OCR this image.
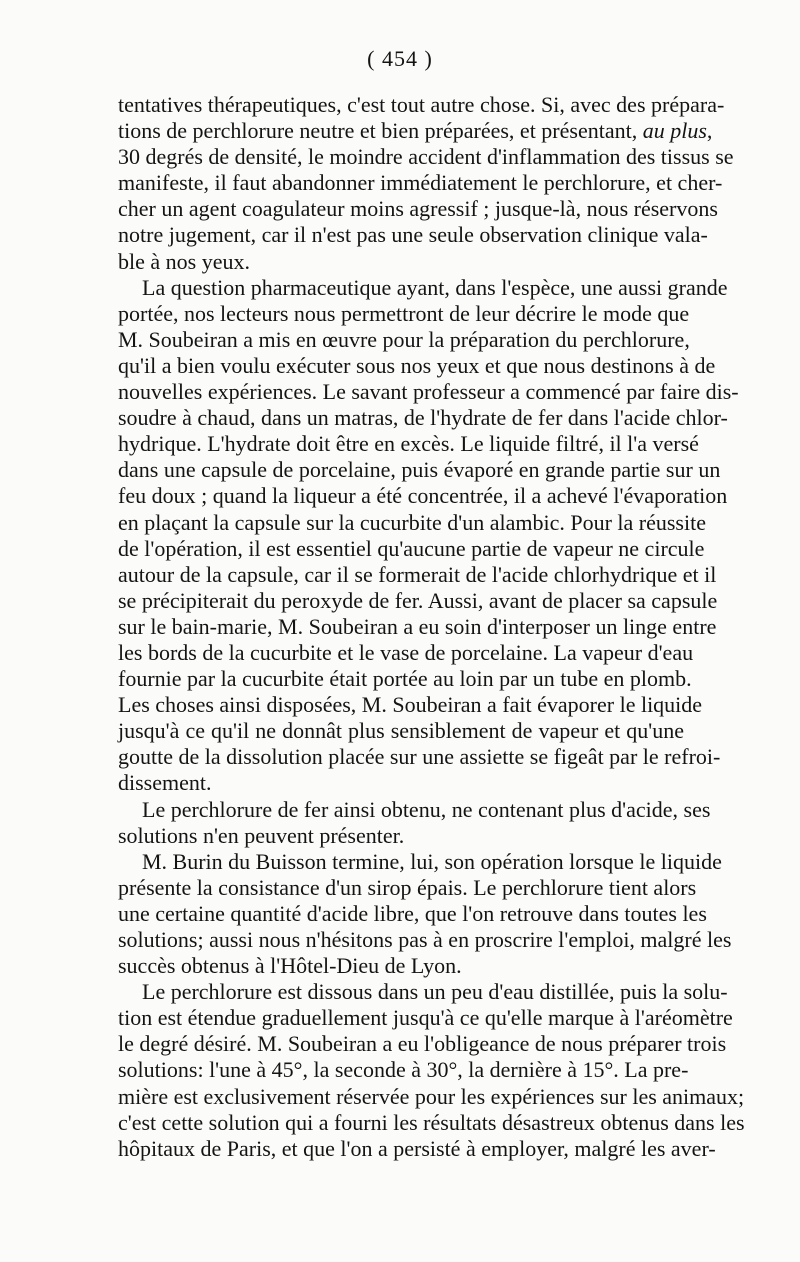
( 454 )
tentatives thérapeutiques, c'est tout autre chose. Si, avec des prépara-
tions de perchlorure neutre et bien préparées, et présentant, au plus,
30 degrés de densité, le moindre accident d'inflammation des tissus se
manifeste, il faut abandonner immédiatement le perchlorure, et cher-
cher un agent coagulateur moins agressif ; jusque-là, nous réservons
notre jugement, car il n'est pas une seule observation clinique vala-
ble à nos yeux.
La question pharmaceutique ayant, dans l'espèce, une aussi grande
portée, nos lecteurs nous permettront de leur décrire le mode que
M. Soubeiran a mis en œuvre pour la préparation du perchlorure,
qu'il a bien voulu exécuter sous nos yeux et que nous destinons à de
nouvelles expériences. Le savant professeur a commencé par faire dis-
soudre à chaud, dans un matras, de l'hydrate de fer dans l'acide chlor-
hydrique. L'hydrate doit être en excès. Le liquide filtré, il l'a versé
dans une capsule de porcelaine, puis évaporé en grande partie sur un
feu doux ; quand la liqueur a été concentrée, il a achevé l'évaporation
en plaçant la capsule sur la cucurbite d'un alambic. Pour la réussite
de l'opération, il est essentiel qu'aucune partie de vapeur ne circule
autour de la capsule, car il se formerait de l'acide chlorhydrique et il
se précipiterait du peroxyde de fer. Aussi, avant de placer sa capsule
sur le bain-marie, M. Soubeiran a eu soin d'interposer un linge entre
les bords de la cucurbite et le vase de porcelaine. La vapeur d'eau
fournie par la cucurbite était portée au loin par un tube en plomb.
Les choses ainsi disposées, M. Soubeiran a fait évaporer le liquide
jusqu'à ce qu'il ne donnât plus sensiblement de vapeur et qu'une
goutte de la dissolution placée sur une assiette se figeât par le refroi-
dissement.
Le perchlorure de fer ainsi obtenu, ne contenant plus d'acide, ses
solutions n'en peuvent présenter.
M. Burin du Buisson termine, lui, son opération lorsque le liquide
présente la consistance d'un sirop épais. Le perchlorure tient alors
une certaine quantité d'acide libre, que l'on retrouve dans toutes les
solutions; aussi nous n'hésitons pas à en proscrire l'emploi, malgré les
succès obtenus à l'Hôtel-Dieu de Lyon.
Le perchlorure est dissous dans un peu d'eau distillée, puis la solu-
tion est étendue graduellement jusqu'à ce qu'elle marque à l'aréomètre
le degré désiré. M. Soubeiran a eu l'obligeance de nous préparer trois
solutions: l'une à 45°, la seconde à 30°, la dernière à 15°. La pre-
mière est exclusivement réservée pour les expériences sur les animaux;
c'est cette solution qui a fourni les résultats désastreux obtenus dans les
hôpitaux de Paris, et que l'on a persisté à employer, malgré les aver-
